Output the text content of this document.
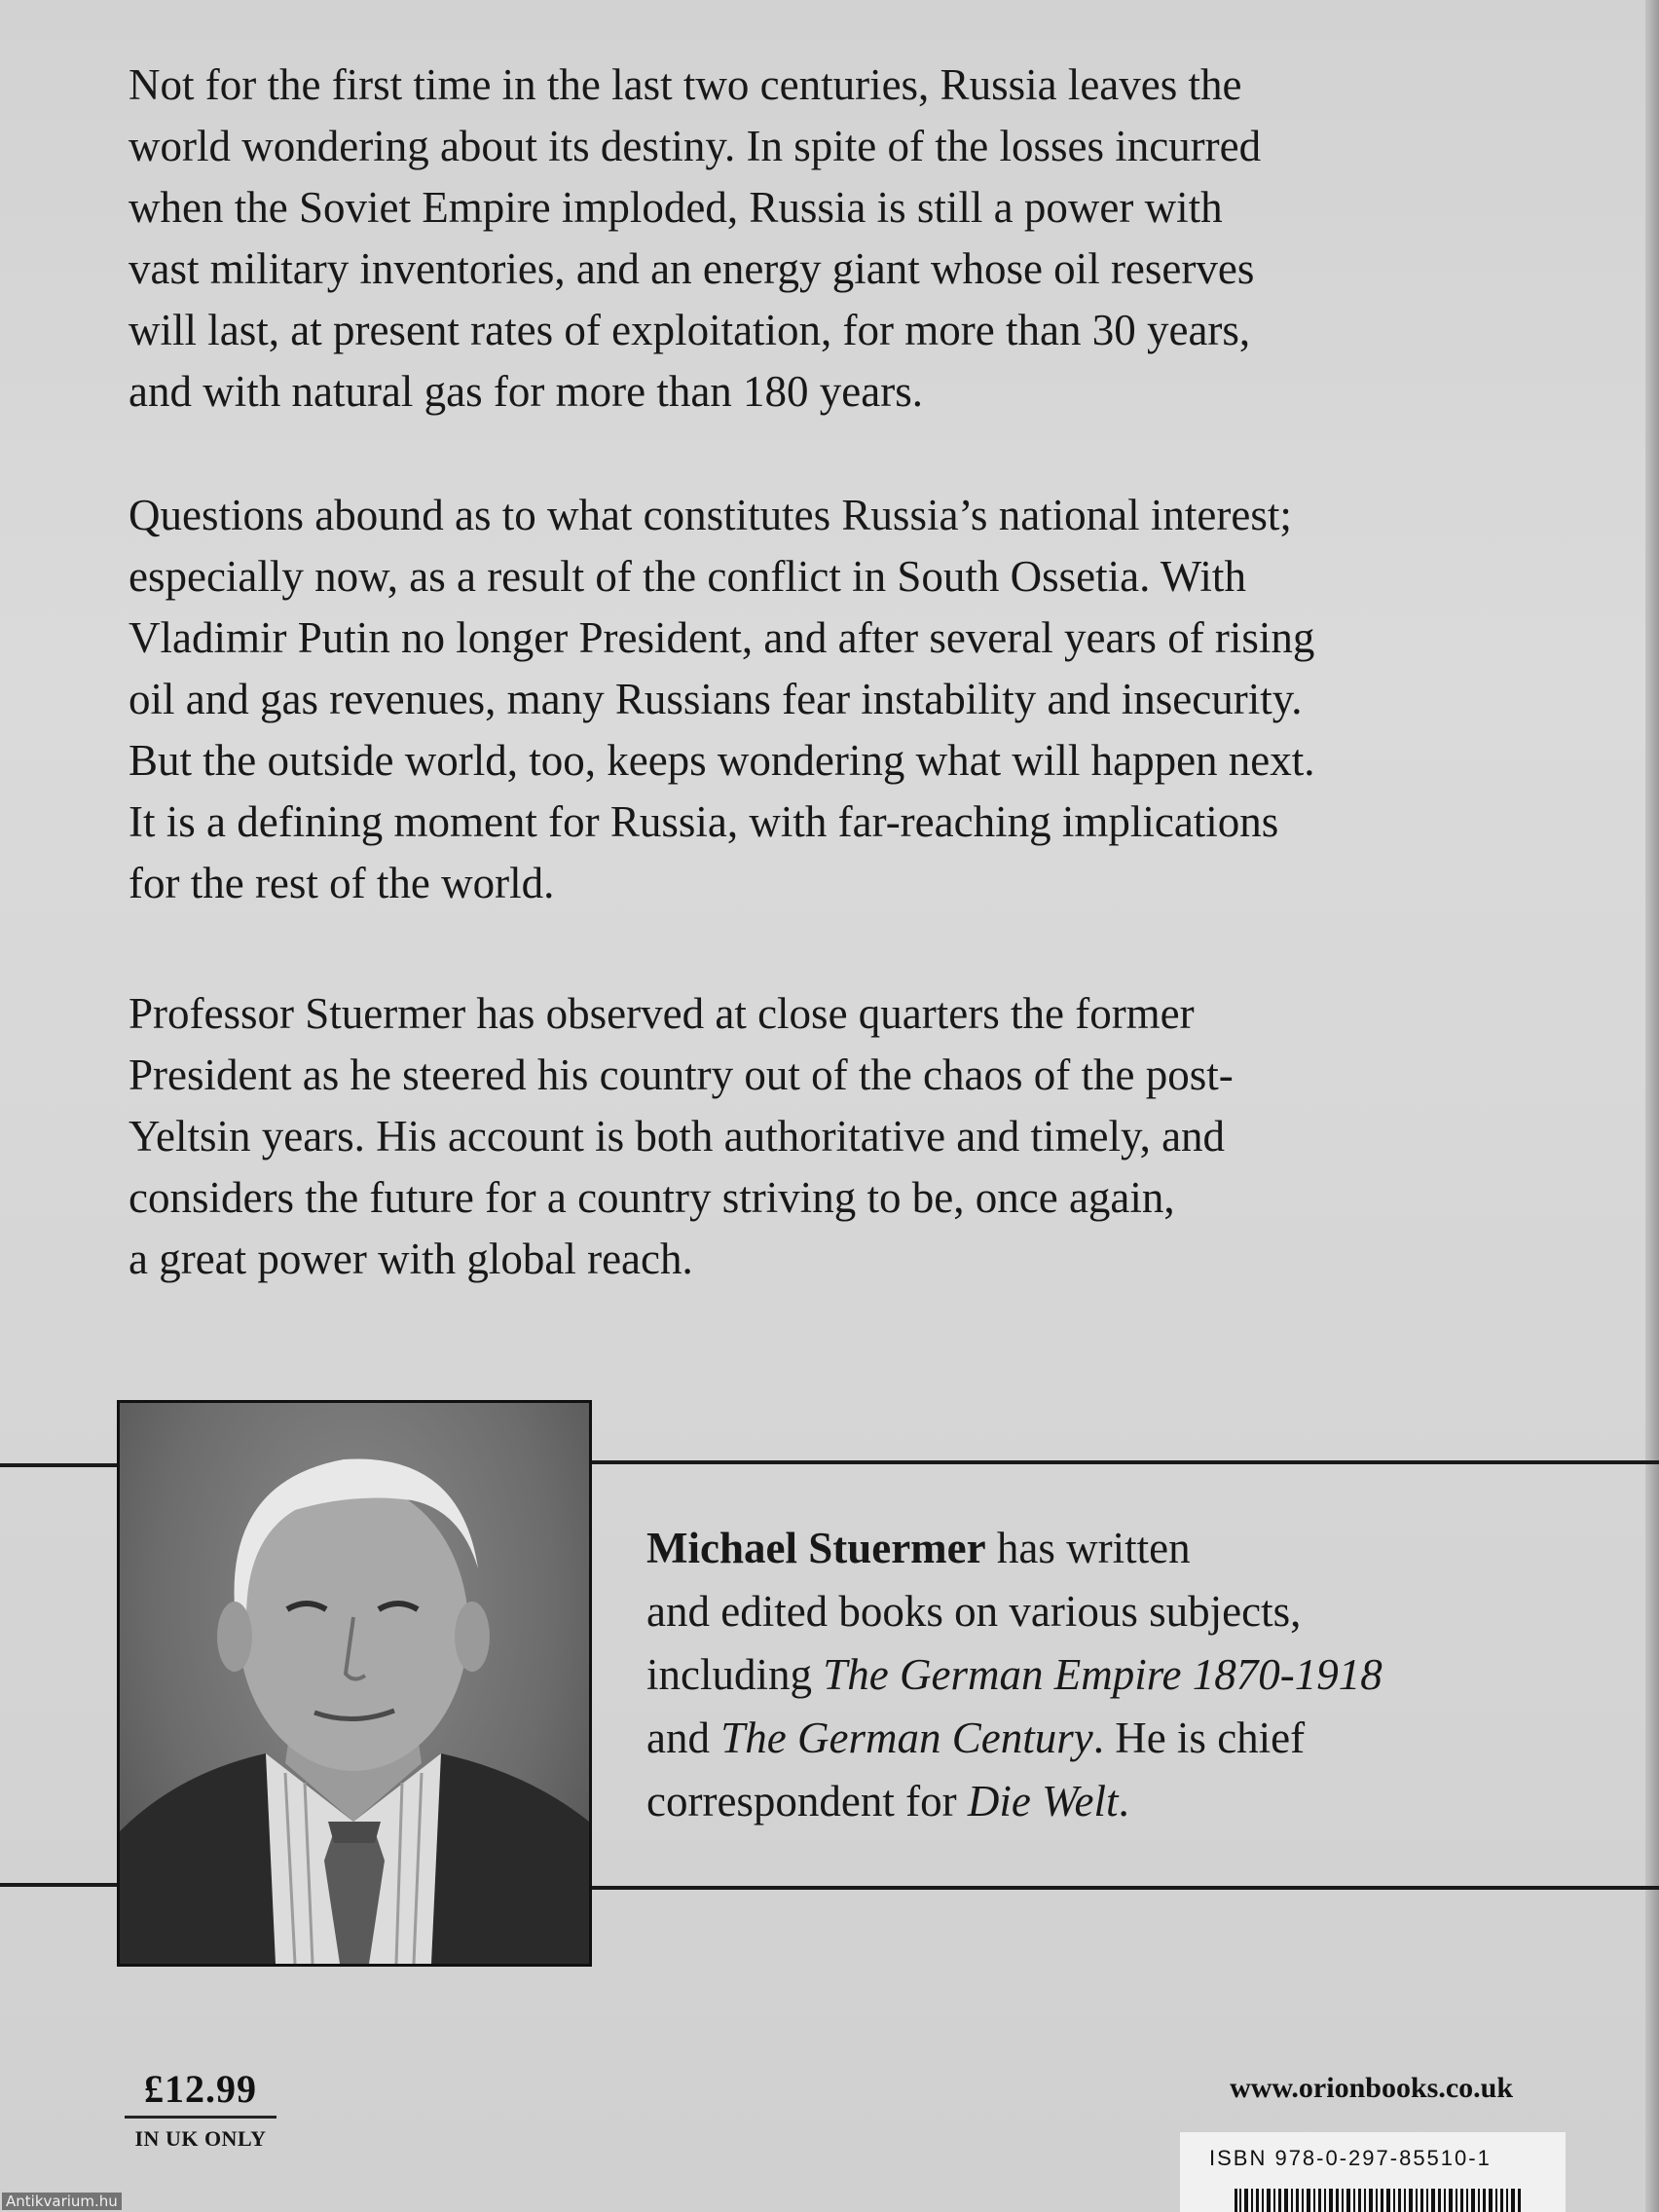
Not for the first time in the last two centuries, Russia leaves the
world wondering about its destiny. In spite of the losses incurred
when the Soviet Empire imploded, Russia is still a power with
vast military inventories, and an energy giant whose oil reserves
will last, at present rates of exploitation, for more than 30 years,
and with natural gas for more than 180 years.

Questions abound as to what constitutes Russia’s national interest;
especially now, as a result of the conflict in South Ossetia. With
Vladimir Putin no longer President, and after several years of rising
oil and gas revenues, many Russians fear instability and insecurity.
But the outside world, too, keeps wondering what will happen next.
It is a defining moment for Russia, with far-reaching implications
for the rest of the world.

Professor Stuermer has observed at close quarters the former
President as he steered his country out of the chaos of the post-
Yeltsin years. His account is both authoritative and timely, and
considers the future for a country striving to be, once again,
a great power with global reach.

Michael Stuermer has written
and edited books on various subjects,
including The German Empire 1870-1918
and The German Century. He is chief
correspondent for Die Welt.
£12.99
IN UK ONLY
www.orionbooks.co.uk
ISBN 978-0-297-85510-1
Antikvarium.hu
